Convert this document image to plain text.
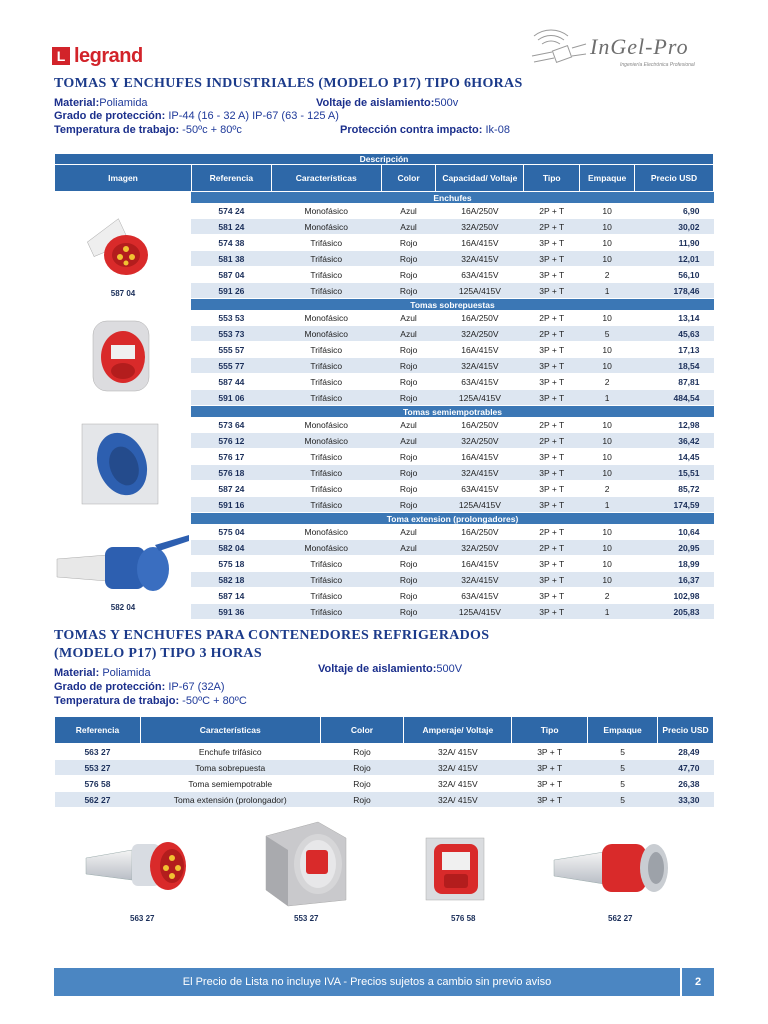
L legrand	InGel-Pro
Ingeniería Electrónica Profesional
TOMAS Y ENCHUFES INDUSTRIALES (MODELO P17) TIPO 6HORAS
Material:Poliamida	Voltaje de aislamiento:500v
Grado de protección: IP-44 (16 - 32 A) IP-67 (63 - 125 A)
Temperatura de trabajo: -50ºc + 80ºc	Protección contra impacto: Ik-08
Descripción							
Imagen	Referencia	Características	Color	Capacidad/ Voltaje	Tipo	Empaque	Precio USD
	Enchufes						

587 04	574 24	Monofásico	Azul	16A/250V	2P + T	10	6,90
	581 24	Monofásico	Azul	32A/250V	2P + T	10	30,02
	574 38	Trifásico	Rojo	16A/415V	3P + T	10	11,90
	581 38	Trifásico	Rojo	32A/415V	3P + T	10	12,01
	587 04	Trifásico	Rojo	63A/415V	3P + T	2	56,10
	591 26	Trifásico	Rojo	125A/415V	3P + T	1	178,46
	Tomas sobrepuestas						

	553 53	Monofásico	Azul	16A/250V	2P + T	10	13,14
	553 73	Monofásico	Azul	32A/250V	2P + T	5	45,63
	555 57	Trifásico	Rojo	16A/415V	3P + T	10	17,13
	555 77	Trifásico	Rojo	32A/415V	3P + T	10	18,54
	587 44	Trifásico	Rojo	63A/415V	3P + T	2	87,81
	591 06	Trifásico	Rojo	125A/415V	3P + T	1	484,54
	Tomas semiempotrables						

	573 64	Monofásico	Azul	16A/250V	2P + T	10	12,98
	576 12	Monofásico	Azul	32A/250V	2P + T	10	36,42
	576 17	Trifásico	Rojo	16A/415V	3P + T	10	14,45
	576 18	Trifásico	Rojo	32A/415V	3P + T	10	15,51
	587 24	Trifásico	Rojo	63A/415V	3P + T	2	85,72
	591 16	Trifásico	Rojo	125A/415V	3P + T	1	174,59
	Toma extension (prolongadores)						

582 04	575 04	Monofásico	Azul	16A/250V	2P + T	10	10,64
	582 04	Monofásico	Azul	32A/250V	2P + T	10	20,95
	575 18	Trifásico	Rojo	16A/415V	3P + T	10	18,99
	582 18	Trifásico	Rojo	32A/415V	3P + T	10	16,37
	587 14	Trifásico	Rojo	63A/415V	3P + T	2	102,98
	591 36	Trifásico	Rojo	125A/415V	3P + T	1	205,83
TOMAS Y ENCHUFES PARA CONTENEDORES REFRIGERADOS
(MODELO P17) TIPO 3 HORAS
Material: Poliamida	Voltaje de aislamiento:500V
Grado de protección: IP-67 (32A)
Temperatura de trabajo: -50ºC + 80ºC
Referencia	Características	Color	Amperaje/ Voltaje	Tipo	Empaque	Precio USD
563 27	Enchufe trifásico	Rojo	32A/ 415V	3P + T	5	28,49
553 27	Toma sobrepuesta	Rojo	32A/ 415V	3P + T	5	47,70
576 58	Toma semiempotrable	Rojo	32A/ 415V	3P + T	5	26,38
562 27	Toma extensión (prolongador)	Rojo	32A/ 415V	3P + T	5	33,30
563 27	553 27	576 58	562 27
El Precio de Lista no incluye IVA - Precios sujetos a cambio sin previo aviso	2
